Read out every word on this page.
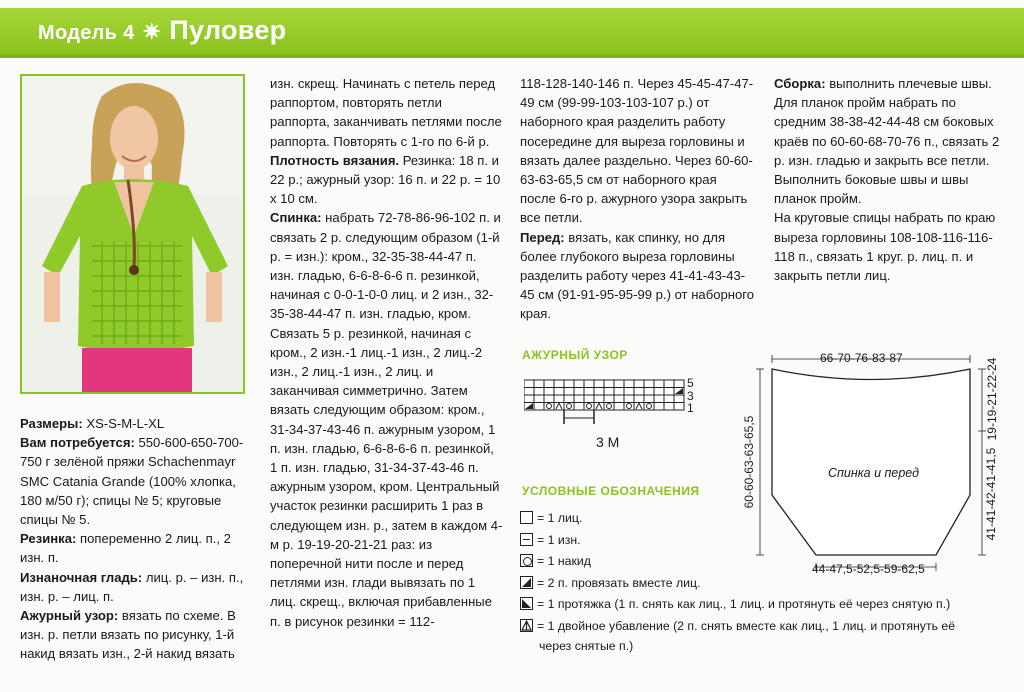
Модель 4 ✷ Пуловер

Размеры: XS-S-M-L-XL

Вам потребуется: 550-600-650-700-750 г зелёной пряжи Schachenmayr SMC Catania Grande (100% хлопка, 180 м/50 г); спицы № 5; круговые спицы № 5.

Резинка: попеременно 2 лиц. п., 2 изн. п.

Изнаночная гладь: лиц. р. – изн. п., изн. р. – лиц. п.

Ажурный узор: вязать по схеме. В изн. р. петли вязать по рисунку, 1-й накид вязать изн., 2-й накид вязать

изн. скрещ. Начинать с петель перед раппортом, повторять петли раппорта, заканчивать петлями после раппорта. Повторять с 1-го по 6-й р.

Плотность вязания. Резинка: 18 п. и 22 р.; ажурный узор: 16 п. и 22 р. = 10 х 10 см.

Спинка: набрать 72-78-86-96-102 п. и связать 2 р. следующим образом (1-й р. = изн.): кром., 32-35-38-44-47 п. изн. гладью, 6-6-8-6-6 п. резинкой, начиная с 0-0-1-0-0 лиц. и 2 изн., 32-35-38-44-47 п. изн. гладью, кром. Связать 5 р. резинкой, начиная с кром., 2 изн.-1 лиц.-1 изн., 2 лиц.-2 изн., 2 лиц.-1 изн., 2 лиц. и заканчивая симметрично. Затем вязать следующим образом: кром., 31-34-37-43-46 п. ажурным узором, 1 п. изн. гладью, 6-6-8-6-6 п. резинкой, 1 п. изн. гладью, 31-34-37-43-46 п. ажурным узором, кром. Центральный участок резинки расширить 1 раз в следующем изн. р., затем в каждом 4-м р. 19-19-20-21-21 раз: из поперечной нити после и перед петлями изн. глади вывязать по 1 лиц. скрещ., включая прибавленные п. в рисунок резинки = 112-

118-128-140-146 п. Через 45-45-47-47-49 см (99-99-103-103-107 р.) от наборного края разделить работу посередине для выреза горловины и вязать далее раздельно. Через 60-60-63-63-65,5 см от наборного края после 6-го р. ажурного узора закрыть все петли.

Перед: вязать, как спинку, но для более глубокого выреза горловины разделить работу через 41-41-43-43-45 см (91-91-95-95-99 р.) от наборного края.

Сборка: выполнить плечевые швы. Для планок пройм набрать по средним 38-38-42-44-48 см боковых краёв по 60-60-68-70-76 п., связать 2 р. изн. гладью и закрыть все петли. Выполнить боковые швы и швы планок пройм.

На круговые спицы набрать по краю выреза горловины 108-108-116-116-118 п., связать 1 круг. р. лиц. п. и закрыть петли лиц.

АЖУРНЫЙ УЗОР
5
3
1
3 М
УСЛОВНЫЕ ОБОЗНАЧЕНИЯ
= 1 лиц.
= 1 изн.
= 1 накид
= 2 п. провязать вместе лиц.
= 1 протяжка (1 п. снять как лиц., 1 лиц. и протянуть её через снятую п.)
= 1 двойное убавление (2 п. снять вместе как лиц., 1 лиц. и протянуть её
через снятые п.)
66-70-76-83-87
44-47,5-52,5-59-62,5
Спинка и перед
60-60-63-63-65,5
19-19-21-22-24
41-41-42-41-41,5
